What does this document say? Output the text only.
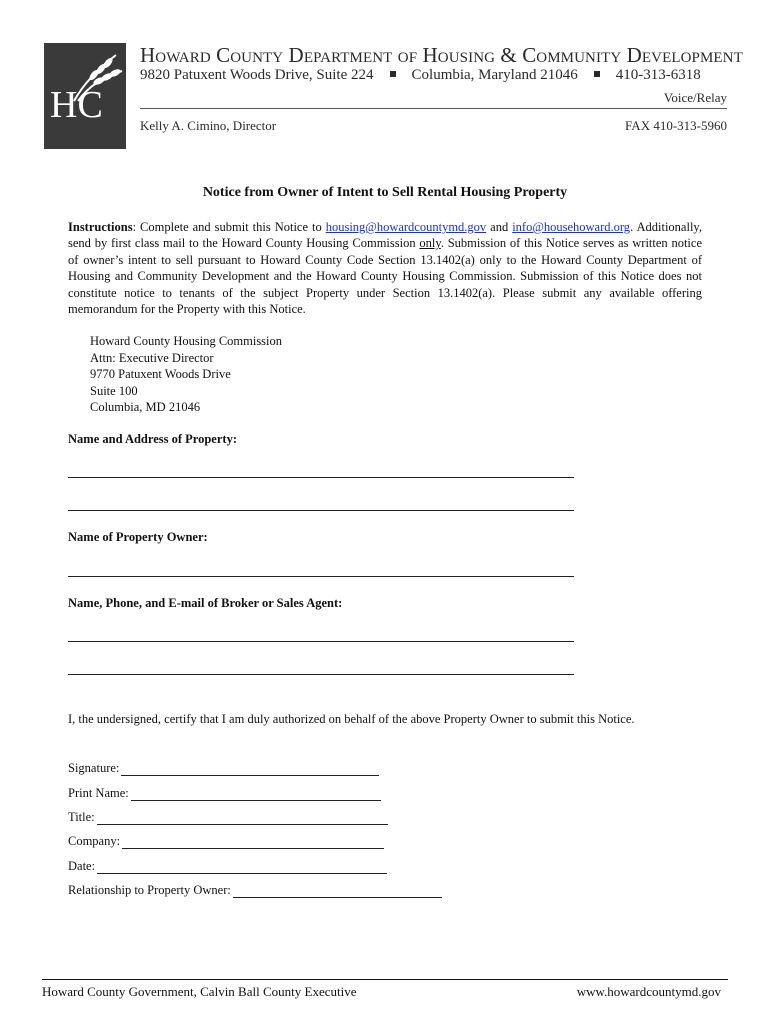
HC
Howard County Department of Housing & Community Development
9820 Patuxent Woods Drive, Suite 224	Columbia, Maryland 21046	410-313-6318
Voice/Relay
Kelly A. Cimino, Director	FAX 410-313-5960
Notice from Owner of Intent to Sell Rental Housing Property
Instructions: Complete and submit this Notice to housing@howardcountymd.gov and info@househoward.org. Additionally, send by first class mail to the Howard County Housing Commission only. Submission of this Notice serves as written notice of owner’s intent to sell pursuant to Howard County Code Section 13.1402(a) only to the Howard County Department of Housing and Community Development and the Howard County Housing Commission. Submission of this Notice does not constitute notice to tenants of the subject Property under Section 13.1402(a). Please submit any available offering memorandum for the Property with this Notice.
Howard County Housing Commission
Attn: Executive Director
9770 Patuxent Woods Drive
Suite 100
Columbia, MD 21046
Name and Address of Property:
Name of Property Owner:
Name, Phone, and E-mail of Broker or Sales Agent:
I, the undersigned, certify that I am duly authorized on behalf of the above Property Owner to submit this Notice.
Signature:
Print Name:
Title:
Company:
Date:
Relationship to Property Owner:
Howard County Government, Calvin Ball County Executive	www.howardcountymd.gov
